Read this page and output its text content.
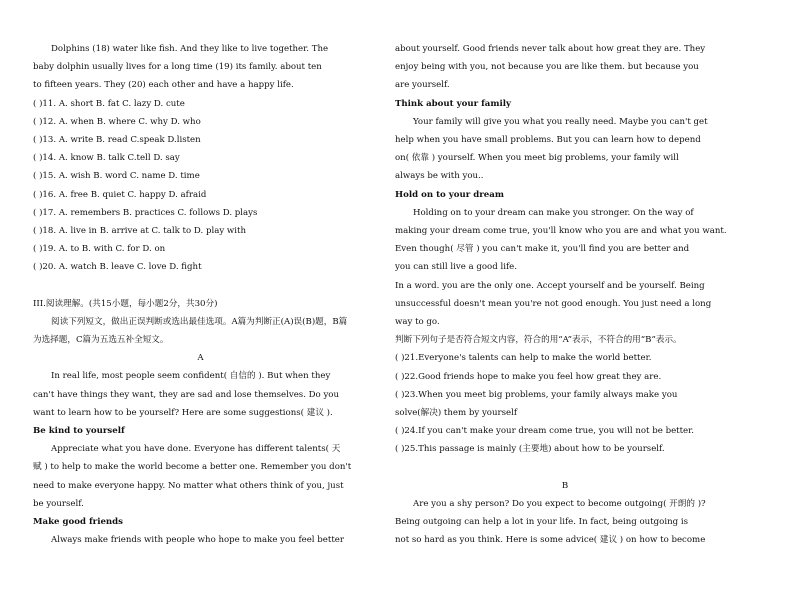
Dolphins (18) water like fish. And they like to live together. The
baby dolphin usually lives for a long time (19) its family. about ten
to fifteen years. They (20) each other and have a happy life.
( )11. A. short B. fat C. lazy D. cute
( )12. A. when B. where C. why D. who
( )13. A. write B. read C.speak D.listen
( )14. A. know B. talk C.tell D. say
( )15. A. wish B. word C. name D. time
( )16. A. free B. quiet C. happy D. afraid
( )17. A. remembers B. practices C. follows D. plays
( )18. A. live in B. arrive at C. talk to D. play with
( )19. A. to B. with C. for D. on
( )20. A. watch B. leave C. love D. fight
III.阅读理解。(共15小题，每小题2分，共30分)
阅读下列短文，做出正误判断或选出最佳选项。A篇为判断正(A)误(B)题，B篇
为选择题，C篇为五选五补全短文。
A
In real life, most people seem confident( 自信的 ). But when they
can't have things they want, they are sad and lose themselves. Do you
want to learn how to be yourself? Here are some suggestions( 建议 ).
Be kind to yourself
Appreciate what you have done. Everyone has different talents( 天
赋 ) to help to make the world become a better one. Remember you don't
need to make everyone happy. No matter what others think of you, just
be yourself.
Make good friends
Always make friends with people who hope to make you feel better
about yourself. Good friends never talk about how great they are. They
enjoy being with you, not because you are like them. but because you
are yourself.
Think about your family
Your family will give you what you really need. Maybe you can't get
help when you have small problems. But you can learn how to depend
on( 依靠 ) yourself. When you meet big problems, your family will
always be with you..
Hold on to your dream
Holding on to your dream can make you stronger. On the way of
making your dream come true, you'll know who you are and what you want.
Even though( 尽管 ) you can't make it, you'll find you are better and
you can still live a good life.
In a word. you are the only one. Accept yourself and be yourself. Being
unsuccessful doesn't mean you're not good enough. You just need a long
way to go.
判断下列句子是否符合短文内容，符合的用“A”表示，不符合的用“B”表示。
( )21.Everyone's talents can help to make the world better.
( )22.Good friends hope to make you feel how great they are.
( )23.When you meet big problems, your family always make you
solve(解决) them by yourself
( )24.If you can't make your dream come true, you will not be better.
( )25.This passage is mainly (主要地) about how to be yourself.
B
Are you a shy person? Do you expect to become outgoing( 开朗的 )?
Being outgoing can help a lot in your life. In fact, being outgoing is
not so hard as you think. Here is some advice( 建议 ) on how to become
